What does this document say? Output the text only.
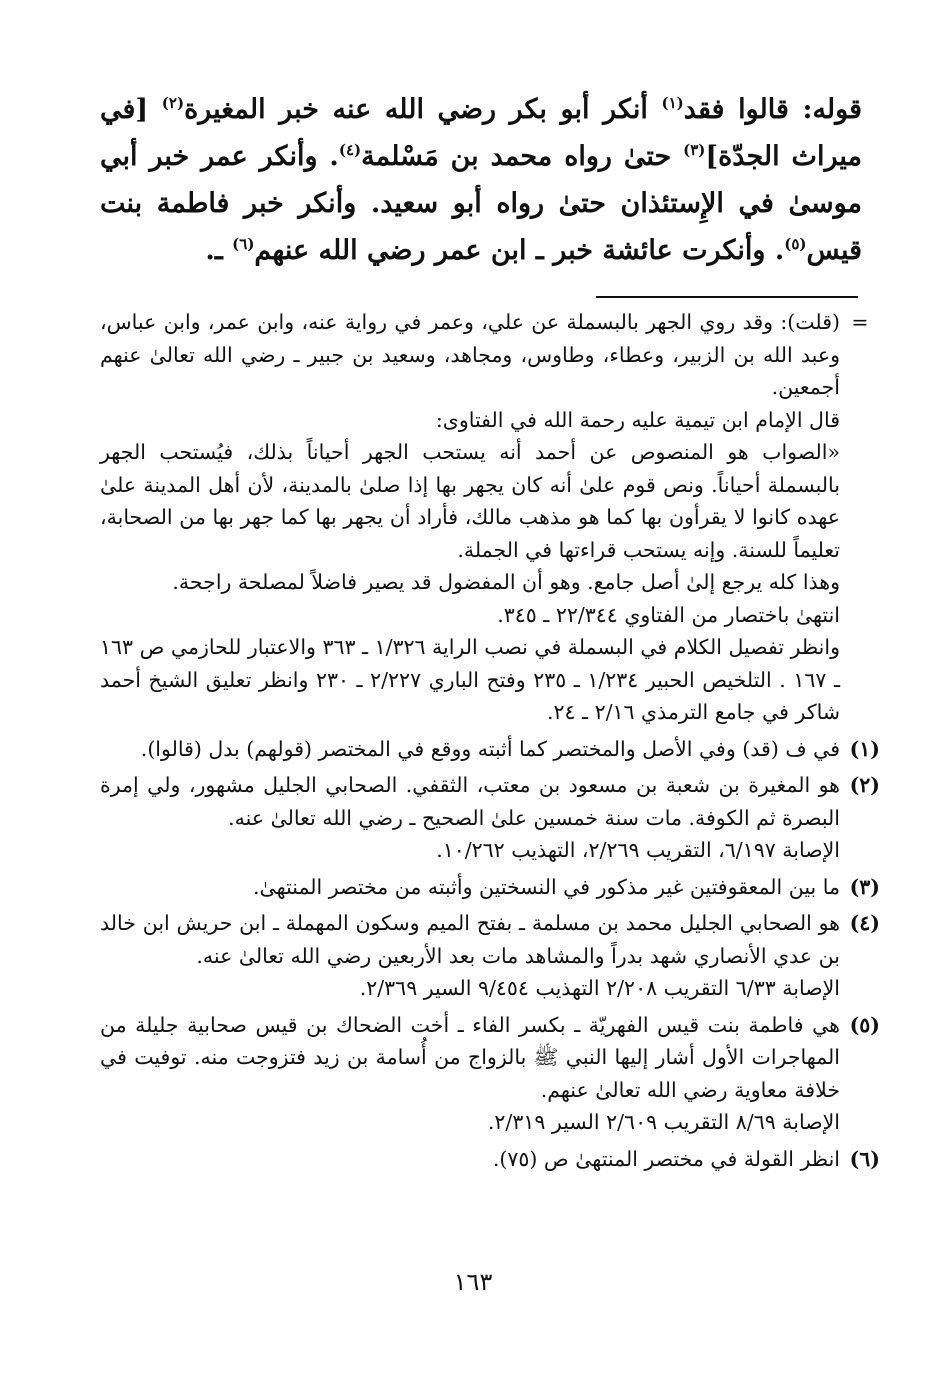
قوله: قالوا فقد$^{(١)}$ أنكر أبو بكر رضي الله عنه خبر المغيرة$^{(٢)}$ [في ميراث الجدّة]$^{(٣)}$ حتىٰ رواه محمد بن مَسْلمة$^{(٤)}$. وأنكر عمر خبر أبي موسىٰ في الإِستئذان حتىٰ رواه أبو سعيد. وأنكر خبر فاطمة بنت قيس$^{(٥)}$. وأنكرت عائشة خبر ـ ابن عمر رضي الله عنهم$^{(٦)}$ ـ.
=
(قلت): وقد روي الجهر بالبسملة عن علي، وعمر في رواية عنه، وابن عمر، وابن عباس، وعبد الله بن الزبير، وعطاء، وطاوس، ومجاهد، وسعيد بن جبير ـ رضي الله تعالىٰ عنهم أجمعين.
قال الإمام ابن تيمية عليه رحمة الله في الفتاوى:
«الصواب هو المنصوص عن أحمد أنه يستحب الجهر أحياناً بذلك، فيُستحب الجهر بالبسملة أحياناً. ونص قوم علىٰ أنه كان يجهر بها إذا صلىٰ بالمدينة، لأن أهل المدينة علىٰ عهده كانوا لا يقرأون بها كما هو مذهب مالك، فأراد أن يجهر بها كما جهر بها من الصحابة، تعليماً للسنة. وإنه يستحب قراءتها في الجملة.
وهذا كله يرجع إلىٰ أصل جامع. وهو أن المفضول قد يصير فاضلاً لمصلحة راجحة.
انتهىٰ باختصار من الفتاوي ٢٢/٣٤٤ ـ ٣٤٥.
وانظر تفصيل الكلام في البسملة في نصب الراية ١/٣٢٦ ـ ٣٦٣ والاعتبار للحازمي ص ١٦٣ ـ ١٦٧ . التلخيص الحبير ١/٢٣٤ ـ ٢٣٥ وفتح الباري ٢/٢٢٧ ـ ٢٣٠ وانظر تعليق الشيخ أحمد شاكر في جامع الترمذي ٢/١٦ ـ ٢٤.
(١)
في ف (قد) وفي الأصل والمختصر كما أثبته ووقع في المختصر (قولهم) بدل (قالوا).
(٢)
هو المغيرة بن شعبة بن مسعود بن معتب، الثقفي. الصحابي الجليل مشهور، ولي إمرة البصرة ثم الكوفة. مات سنة خمسين علىٰ الصحيح ـ رضي الله تعالىٰ عنه.
الإصابة ٦/١٩٧، التقريب ٢/٢٦٩، التهذيب ١٠/٢٦٢.
(٣)
ما بين المعقوفتين غير مذكور في النسختين وأثبته من مختصر المنتهىٰ.
(٤)
هو الصحابي الجليل محمد بن مسلمة ـ بفتح الميم وسكون المهملة ـ ابن حريش ابن خالد بن عدي الأنصاري شهد بدراً والمشاهد مات بعد الأربعين رضي الله تعالىٰ عنه.
الإصابة ٦/٣٣ التقريب ٢/٢٠٨ التهذيب ٩/٤٥٤ السير ٢/٣٦٩.
(٥)
هي فاطمة بنت قيس الفهريّة ـ بكسر الفاء ـ أخت الضحاك بن قيس صحابية جليلة من المهاجرات الأول أشار إليها النبي ﷺ بالزواج من أُسامة بن زيد فتزوجت منه. توفيت في خلافة معاوية رضي الله تعالىٰ عنهم.
الإصابة ٨/٦٩ التقريب ٢/٦٠٩ السير ٢/٣١٩.
(٦)
انظر القولة في مختصر المنتهىٰ ص (٧٥).
١٦٣
